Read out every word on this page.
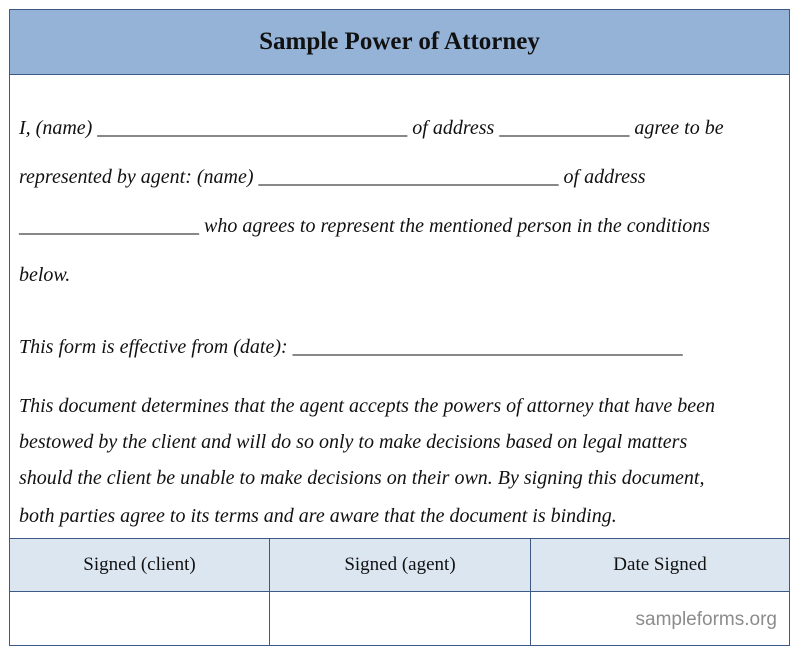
Sample Power of Attorney
I, (name) _______________________________ of address _____________ agree to be
represented by agent: (name) ______________________________ of address
__________________ who agrees to represent the mentioned person in the conditions
below.
This form is effective from (date): _______________________________________
This document determines that the agent accepts the powers of attorney that have been
bestowed by the client and will do so only to make decisions based on legal matters
should the client be unable to make decisions on their own. By signing this document,
both parties agree to its terms and are aware that the document is binding.
Signed (client)	Signed (agent)	Date Signed
sampleforms.org
